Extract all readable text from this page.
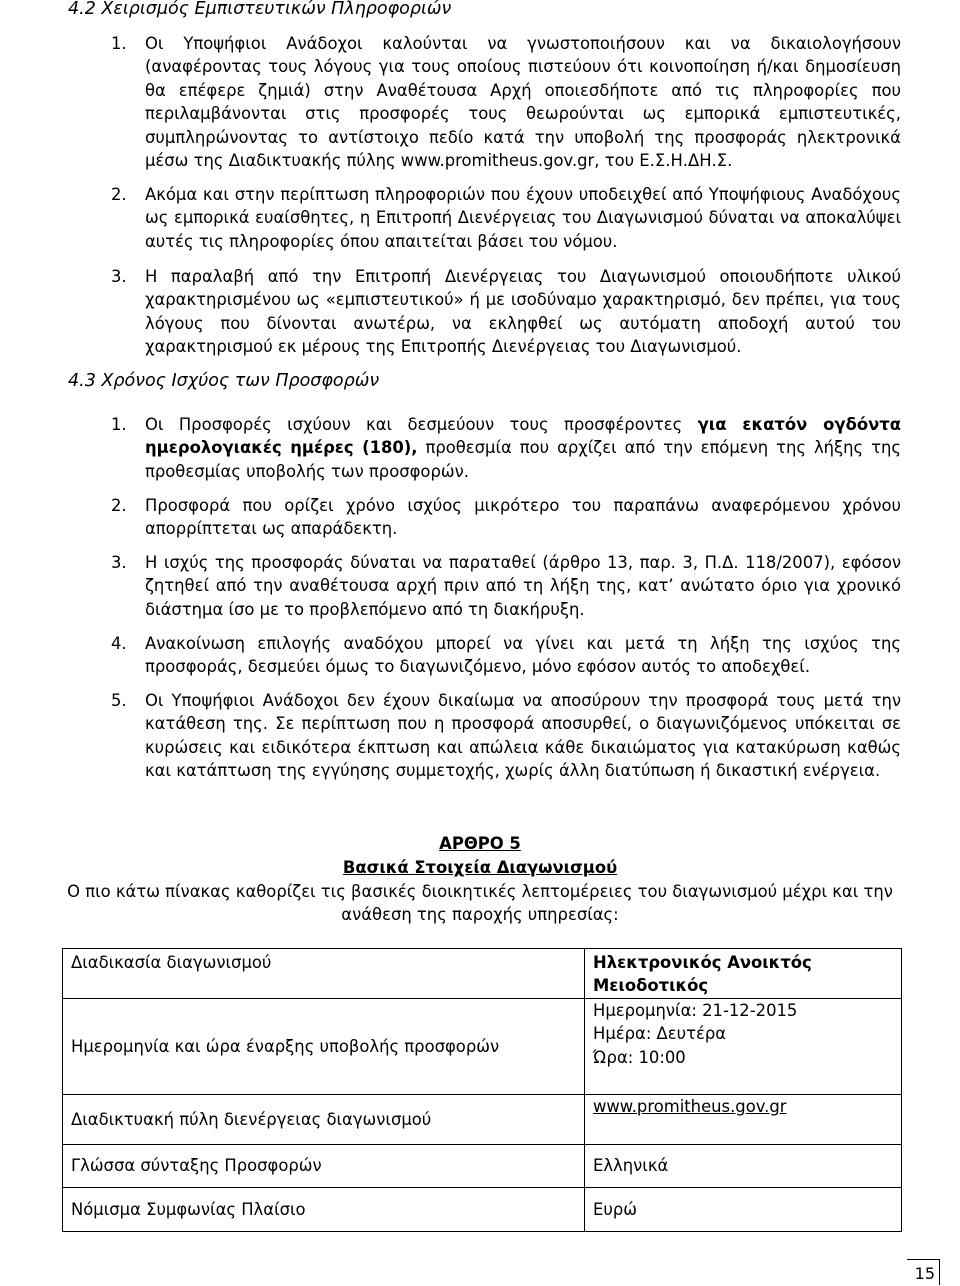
4.2 Χειρισμός Εμπιστευτικών Πληροφοριών
1. Οι Υποψήφιοι Ανάδοχοι καλούνται να γνωστοποιήσουν και να δικαιολογήσουν (αναφέροντας τους λόγους για τους οποίους πιστεύουν ότι κοινοποίηση ή/και δημοσίευση θα επέφερε ζημιά) στην Αναθέτουσα Αρχή οποιεσδήποτε από τις πληροφορίες που περιλαμβάνονται στις προσφορές τους θεωρούνται ως εμπορικά εμπιστευτικές, συμπληρώνοντας το αντίστοιχο πεδίο κατά την υποβολή της προσφοράς ηλεκτρονικά μέσω της Διαδικτυακής πύλης www.promitheus.gov.gr, του Ε.Σ.Η.ΔΗ.Σ.
2. Ακόμα και στην περίπτωση πληροφοριών που έχουν υποδειχθεί από Υποψήφιους Αναδόχους ως εμπορικά ευαίσθητες, η Επιτροπή Διενέργειας του Διαγωνισμού δύναται να αποκαλύψει αυτές τις πληροφορίες όπου απαιτείται βάσει του νόμου.
3. Η παραλαβή από την Επιτροπή Διενέργειας του Διαγωνισμού οποιουδήποτε υλικού χαρακτηρισμένου ως «εμπιστευτικού» ή με ισοδύναμο χαρακτηρισμό, δεν πρέπει, για τους λόγους που δίνονται ανωτέρω, να εκληφθεί ως αυτόματη αποδοχή αυτού του χαρακτηρισμού εκ μέρους της Επιτροπής Διενέργειας του Διαγωνισμού.
4.3 Χρόνος Ισχύος των Προσφορών
1. Οι Προσφορές ισχύουν και δεσμεύουν τους προσφέροντες για εκατόν ογδόντα ημερολογιακές ημέρες (180), προθεσμία που αρχίζει από την επόμενη της λήξης της προθεσμίας υποβολής των προσφορών.
2. Προσφορά που ορίζει χρόνο ισχύος μικρότερο του παραπάνω αναφερόμενου χρόνου απορρίπτεται ως απαράδεκτη.
3. Η ισχύς της προσφοράς δύναται να παραταθεί (άρθρο 13, παρ. 3, Π.Δ. 118/2007), εφόσον ζητηθεί από την αναθέτουσα αρχή πριν από τη λήξη της, κατ’ ανώτατο όριο για χρονικό διάστημα ίσο με το προβλεπόμενο από τη διακήρυξη.
4. Ανακοίνωση επιλογής αναδόχου μπορεί να γίνει και μετά τη λήξη της ισχύος της προσφοράς, δεσμεύει όμως το διαγωνιζόμενο, μόνο εφόσον αυτός το αποδεχθεί.
5. Οι Υποψήφιοι Ανάδοχοι δεν έχουν δικαίωμα να αποσύρουν την προσφορά τους μετά την κατάθεση της. Σε περίπτωση που η προσφορά αποσυρθεί, ο διαγωνιζόμενος υπόκειται σε κυρώσεις και ειδικότερα έκπτωση και απώλεια κάθε δικαιώματος για κατακύρωση καθώς και κατάπτωση της εγγύησης συμμετοχής, χωρίς άλλη διατύπωση ή δικαστική ενέργεια.
ΑΡΘΡΟ 5
Βασικά Στοιχεία Διαγωνισμού
Ο πιο κάτω πίνακας καθορίζει τις βασικές διοικητικές λεπτομέρειες του διαγωνισμού μέχρι και την ανάθεση της παροχής υπηρεσίας:
Διαδικασία διαγωνισμού	Ηλεκτρονικός Ανοικτός Μειοδοτικός
Ημερομηνία και ώρα έναρξης υποβολής προσφορών	Ημερομηνία: 21-12-2015
Ημέρα: Δευτέρα
Ώρα: 10:00

Διαδικτυακή πύλη διενέργειας διαγωνισμού	www.promitheus.gov.gr
Γλώσσα σύνταξης Προσφορών	Ελληνικά
Νόμισμα Συμφωνίας Πλαίσιο	Ευρώ
15
